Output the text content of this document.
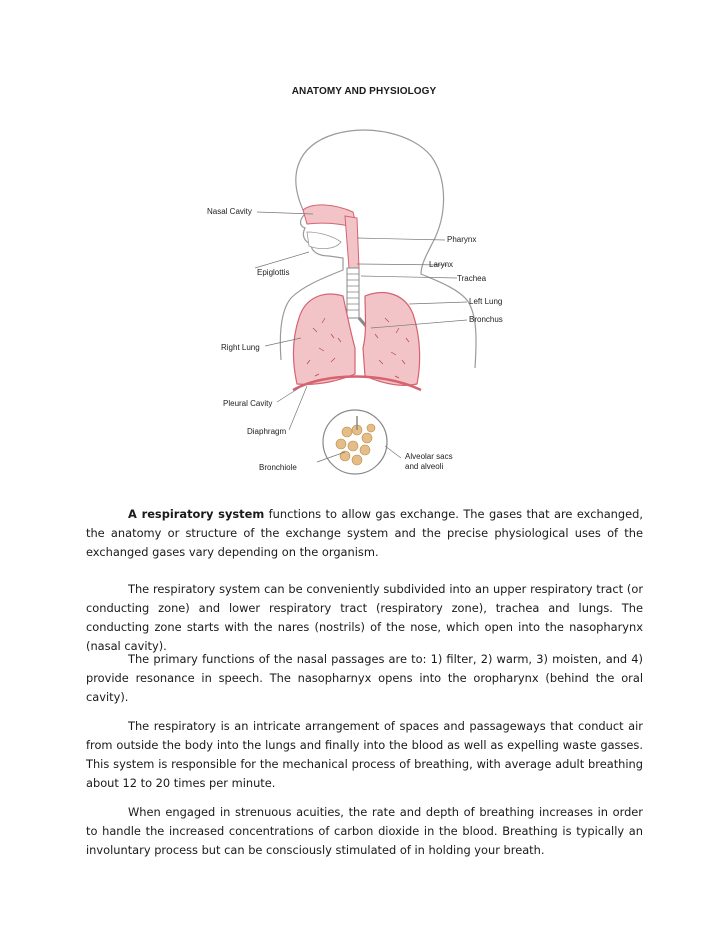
ANATOMY AND PHYSIOLOGY
Nasal Cavity
Pharynx
Larynx
Epiglottis
Trachea
Left Lung
Bronchus
Right Lung
Pleural Cavity
Diaphragm
Bronchiole
Alveolar sacs
and alveoli

A respiratory system functions to allow gas exchange. The gases that are exchanged, the anatomy or structure of the exchange system and the precise physiological uses of the exchanged gases vary depending on the organism.

The respiratory system can be conveniently subdivided into an upper respiratory tract (or conducting zone) and lower respiratory tract (respiratory zone), trachea and lungs. The conducting zone starts with the nares (nostrils) of the nose, which open into the nasopharynx (nasal cavity).

The primary functions of the nasal passages are to: 1) filter, 2) warm, 3) moisten, and 4) provide resonance in speech. The nasopharnyx opens into the oropharynx (behind the oral cavity).

The respiratory is an intricate arrangement of spaces and passageways that conduct air from outside the body into the lungs and finally into the blood as well as expelling waste gasses. This system is responsible for the mechanical process of breathing, with average adult breathing about 12 to 20 times per minute.

When engaged in strenuous acuities, the rate and depth of breathing increases in order to handle the increased concentrations of carbon dioxide in the blood. Breathing is typically an involuntary process but can be consciously stimulated of in holding your breath.
